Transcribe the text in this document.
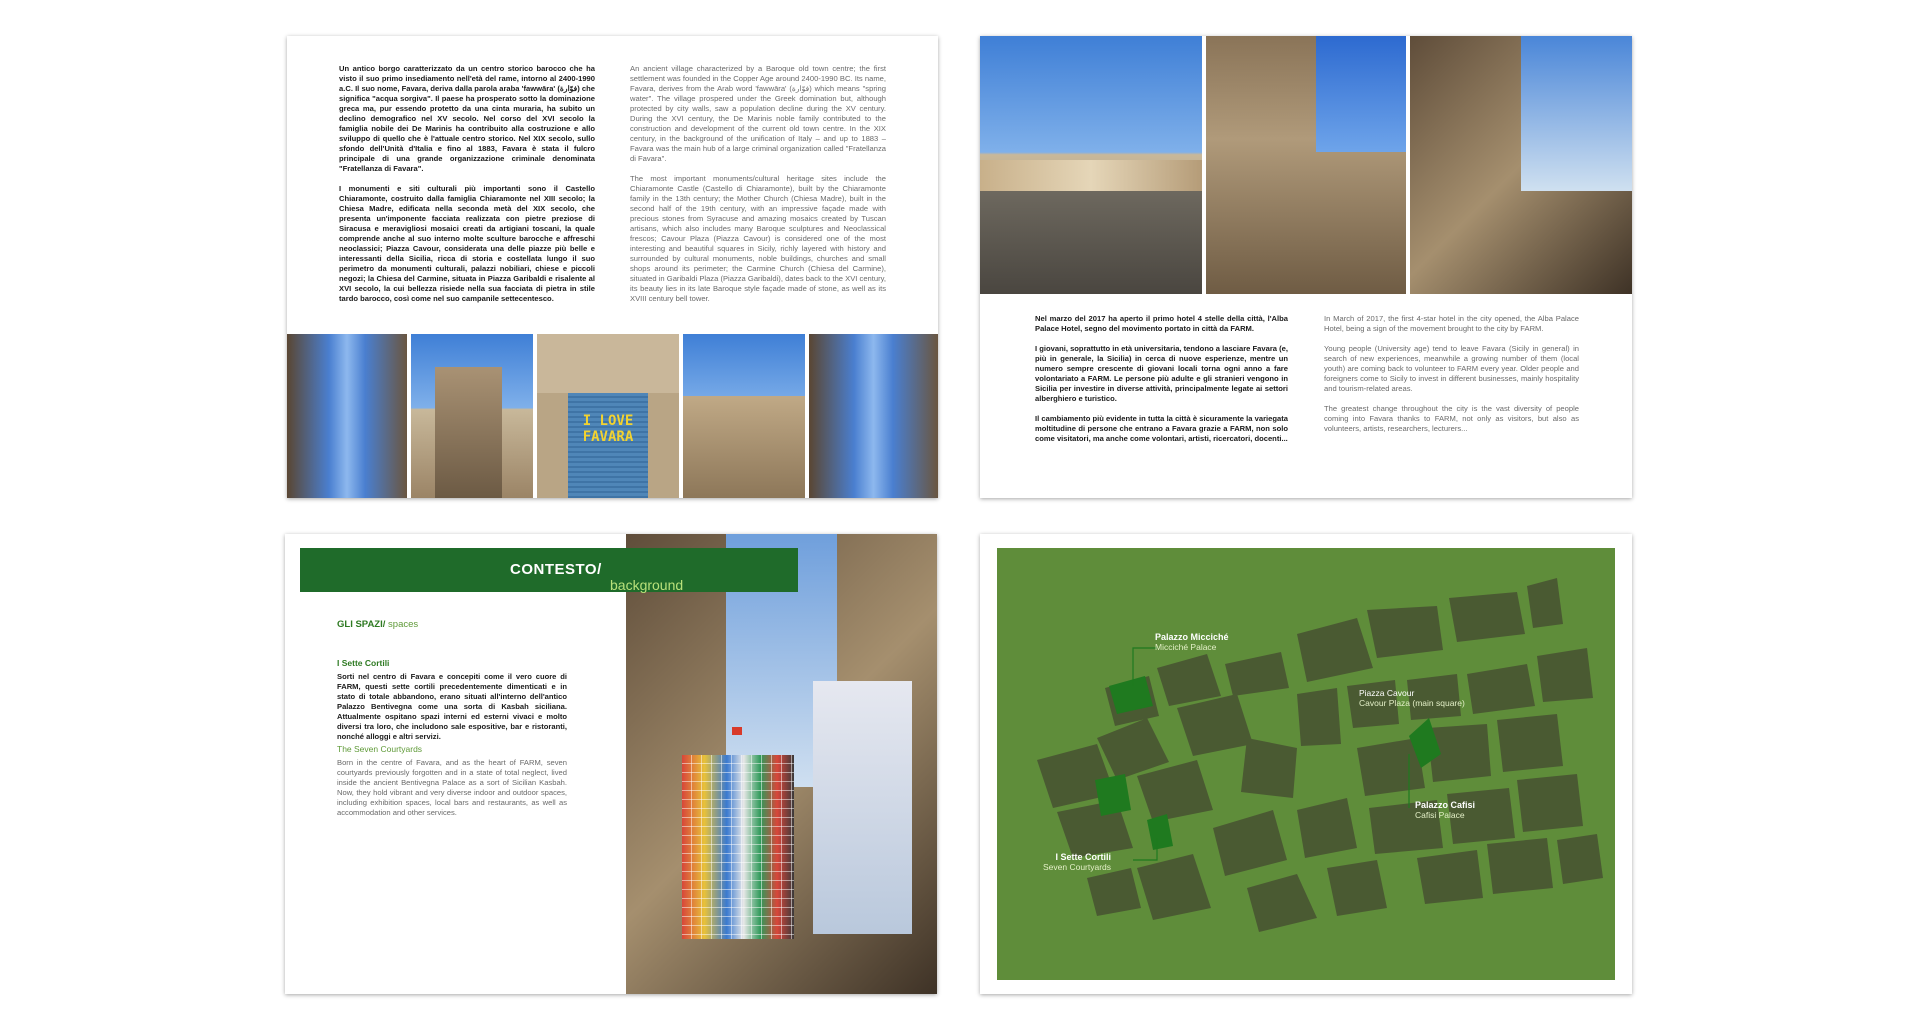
Un antico borgo caratterizzato da un centro storico barocco che ha visto il suo primo insediamento nell'età del rame, intorno al 2400-1990 a.C. Il suo nome, Favara, deriva dalla parola araba 'fawwāra' (ﻓﻮّارﺓ) che significa "acqua sorgiva". Il paese ha prosperato sotto la dominazione greca ma, pur essendo protetto da una cinta muraria, ha subito un declino demografico nel XV secolo. Nel corso del XVI secolo la famiglia nobile dei De Marinis ha contribuito alla costruzione e allo sviluppo di quello che è l'attuale centro storico. Nel XIX secolo, sullo sfondo dell'Unità d'Italia e fino al 1883, Favara è stata il fulcro principale di una grande organizzazione criminale denominata "Fratellanza di Favara".

I monumenti e siti culturali più importanti sono il Castello Chiaramonte, costruito dalla famiglia Chiaramonte nel XIII secolo; la Chiesa Madre, edificata nella seconda metà del XIX secolo, che presenta un'imponente facciata realizzata con pietre preziose di Siracusa e meravigliosi mosaici creati da artigiani toscani, la quale comprende anche al suo interno molte sculture barocche e affreschi neoclassici; Piazza Cavour, considerata una delle piazze più belle e interessanti della Sicilia, ricca di storia e costellata lungo il suo perimetro da monumenti culturali, palazzi nobiliari, chiese e piccoli negozi; la Chiesa del Carmine, situata in Piazza Garibaldi e risalente al XVI secolo, la cui bellezza risiede nella sua facciata di pietra in stile tardo barocco, così come nel suo campanile settecentesco.

An ancient village characterized by a Baroque old town centre; the first settlement was founded in the Copper Age around 2400-1990 BC. Its name, Favara, derives from the Arab word 'fawwāra' (ﻓﻮّارﺓ) which means "spring water". The village prospered under the Greek domination but, although protected by city walls, saw a population decline during the XV century. During the XVI century, the De Marinis noble family contributed to the construction and development of the current old town centre. In the XIX century, in the background of the unification of Italy – and up to 1883 – Favara was the main hub of a large criminal organization called "Fratellanza di Favara".

The most important monuments/cultural heritage sites include the Chiaramonte Castle (Castello di Chiaramonte), built by the Chiaramonte family in the 13th century; the Mother Church (Chiesa Madre), built in the second half of the 19th century, with an impressive façade made with precious stones from Syracuse and amazing mosaics created by Tuscan artisans, which also includes many Baroque sculptures and Neoclassical frescos; Cavour Plaza (Piazza Cavour) is considered one of the most interesting and beautiful squares in Sicily, richly layered with history and surrounded by cultural monuments, noble buildings, churches and small shops around its perimeter; the Carmine Church (Chiesa del Carmine), situated in Garibaldi Plaza (Piazza Garibaldi), dates back to the XVI century, its beauty lies in its late Baroque style façade made of stone, as well as its XVIII century bell tower.

I LOVE
FAVARA

Nel marzo del 2017 ha aperto il primo hotel 4 stelle della città, l'Alba Palace Hotel, segno del movimento portato in città da FARM.

I giovani, soprattutto in età universitaria, tendono a lasciare Favara (e, più in generale, la Sicilia) in cerca di nuove esperienze, mentre un numero sempre crescente di giovani locali torna ogni anno a fare volontariato a FARM. Le persone più adulte e gli stranieri vengono in Sicilia per investire in diverse attività, principalmente legate ai settori alberghiero e turistico.

Il cambiamento più evidente in tutta la città è sicuramente la variegata moltitudine di persone che entrano a Favara grazie a FARM, non solo come visitatori, ma anche come volontari, artisti, ricercatori, docenti...

In March of 2017, the first 4-star hotel in the city opened, the Alba Palace Hotel, being a sign of the movement brought to the city by FARM.

Young people (University age) tend to leave Favara (Sicily in general) in search of new experiences, meanwhile a growing number of them (local youth) are coming back to volunteer to FARM every year. Older people and foreigners come to Sicily to invest in different businesses, mainly hospitality and tourism-related areas.

The greatest change throughout the city is the vast diversity of people coming into Favara thanks to FARM, not only as visitors, but also as volunteers, artists, researchers, lecturers...

CONTESTO/
background
GLI SPAZI/ spaces
I Sette Cortili
Sorti nel centro di Favara e concepiti come il vero cuore di FARM, questi sette cortili precedentemente dimenticati e in stato di totale abbandono, erano situati all'interno dell'antico Palazzo Bentivegna come una sorta di Kasbah siciliana. Attualmente ospitano spazi interni ed esterni vivaci e molto diversi tra loro, che includono sale espositive, bar e ristoranti, nonché alloggi e altri servizi.
The Seven Courtyards
Born in the centre of Favara, and as the heart of FARM, seven courtyards previously forgotten and in a state of total neglect, lived inside the ancient Bentivegna Palace as a sort of Sicilian Kasbah. Now, they hold vibrant and very diverse indoor and outdoor spaces, including exhibition spaces, local bars and restaurants, as well as accommodation and other services.
Palazzo Micciché
Micciché Palace
Piazza Cavour
Cavour Plaza (main square)
Palazzo Cafisi
Cafisi Palace
I Sette Cortili
Seven Courtyards
